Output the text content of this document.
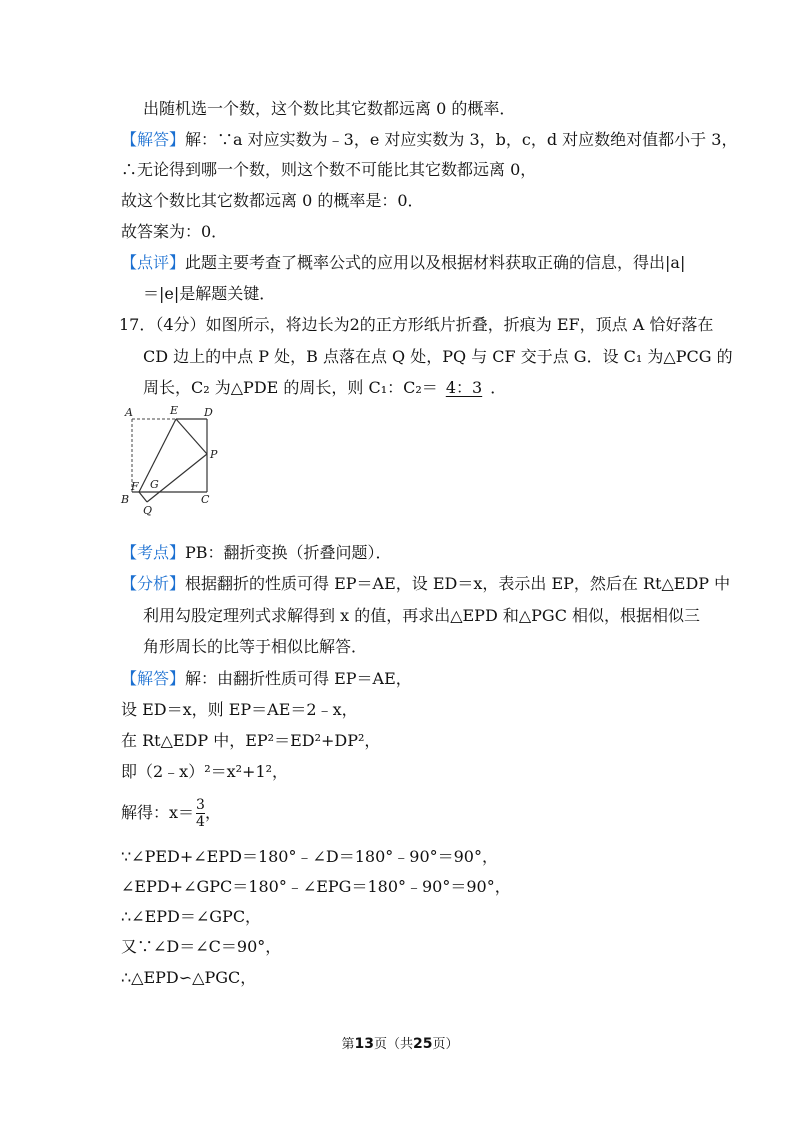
出随机选一个数，这个数比其它数都远离 0 的概率．
【解答】解：∵a 对应实数为﹣3，e 对应实数为 3，b，c，d 对应数绝对值都小于 3，
∴无论得到哪一个数，则这个数不可能比其它数都远离 0，
故这个数比其它数都远离 0 的概率是：0．
故答案为：0．
【点评】此题主要考查了概率公式的应用以及根据材料获取正确的信息，得出|a|
＝|e|是解题关键．
17．（4分）如图所示，将边长为2的正方形纸片折叠，折痕为 EF，顶点 A 恰好落在
CD 边上的中点 P 处，B 点落在点 Q 处，PQ 与 CF 交于点 G．设 C₁ 为△PCG 的
周长，C₂ 为△PDE 的周长，则 C₁：C₂＝ 4：3 ．
A	E D
P
F G
B
Q
C
【考点】PB：翻折变换（折叠问题）．
【分析】根据翻折的性质可得 EP＝AE，设 ED＝x，表示出 EP，然后在 Rt△EDP 中
利用勾股定理列式求解得到 x 的值，再求出△EPD 和△PGC 相似，根据相似三
角形周长的比等于相似比解答．
【解答】解：由翻折性质可得 EP＝AE，
设 ED＝x，则 EP＝AE＝2﹣x，
在 Rt△EDP 中，EP²＝ED²+DP²，
即（2﹣x）²＝x²+1²，
解得：$x= \frac{3}{4}$ ，
∵∠PED+∠EPD＝180°﹣∠D＝180°﹣90°＝90°，
∠EPD+∠GPC＝180°﹣∠EPG＝180°﹣90°＝90°，
∴∠EPD＝∠GPC，
又∵∠D＝∠C＝90°，
∴△EPD∽△PGC，
第13页（共25页）
